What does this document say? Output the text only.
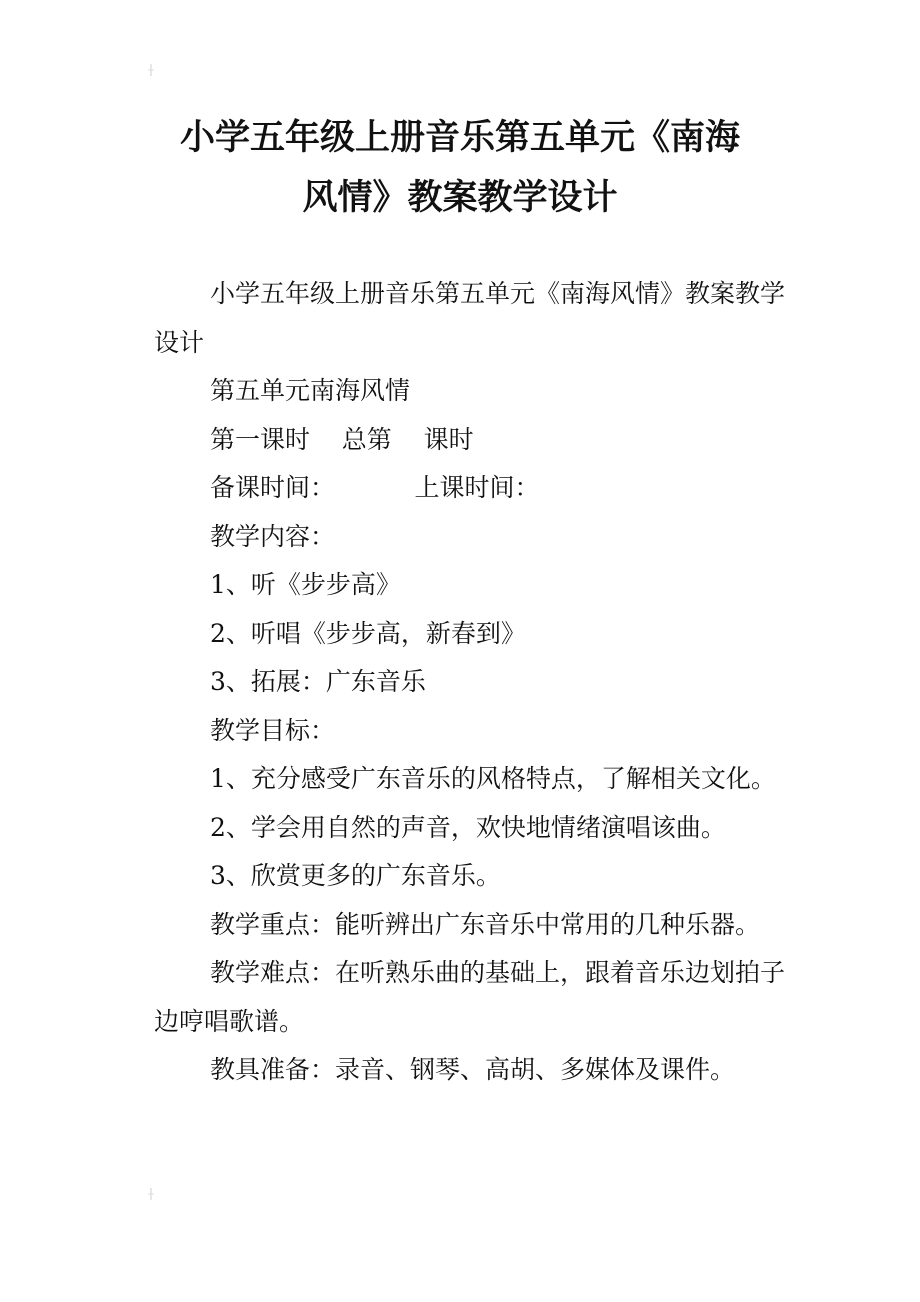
小学五年级上册音乐第五单元《南海
风情》教案教学设计

小学五年级上册音乐第五单元《南海风情》教案教学设计

第五单元南海风情

第一课时    总第    课时

备课时间：          上课时间：

教学内容：

1、听《步步高》

2、听唱《步步高，新春到》

3、拓展：广东音乐

教学目标：

1、充分感受广东音乐的风格特点，了解相关文化。

2、学会用自然的声音，欢快地情绪演唱该曲。

3、欣赏更多的广东音乐。

教学重点：能听辨出广东音乐中常用的几种乐器。

教学难点：在听熟乐曲的基础上，跟着音乐边划拍子边哼唱歌谱。

教具准备：录音、钢琴、高胡、多媒体及课件。
